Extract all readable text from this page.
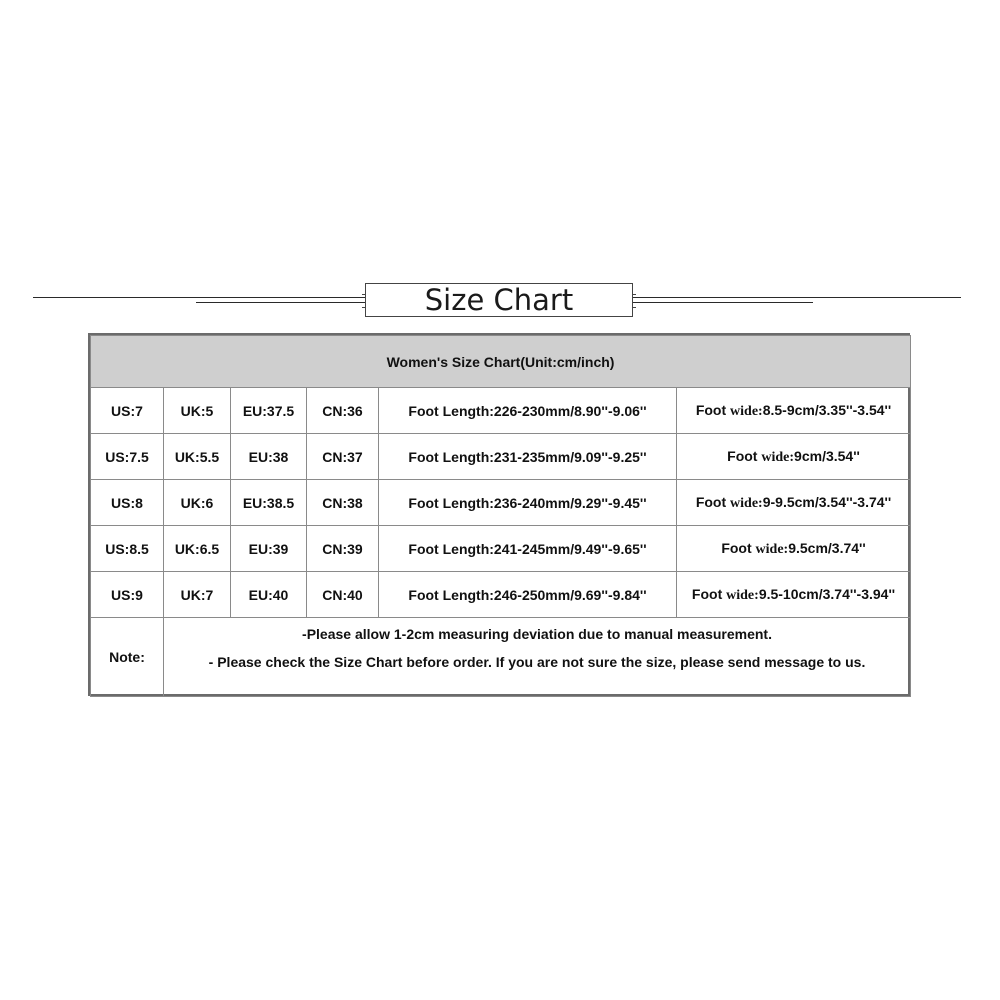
Size Chart
Women's Size Chart(Unit:cm/inch)					
US:7	UK:5	EU:37.5	CN:36	Foot Length:226-230mm/8.90''-9.06''	Foot wide:8.5-9cm/3.35''-3.54''
US:7.5	UK:5.5	EU:38	CN:37	Foot Length:231-235mm/9.09''-9.25''	Foot wide:9cm/3.54''
US:8	UK:6	EU:38.5	CN:38	Foot Length:236-240mm/9.29''-9.45''	Foot wide:9-9.5cm/3.54''-3.74''
US:8.5	UK:6.5	EU:39	CN:39	Foot Length:241-245mm/9.49''-9.65''	Foot wide:9.5cm/3.74''
US:9	UK:7	EU:40	CN:40	Foot Length:246-250mm/9.69''-9.84''	Foot wide:9.5-10cm/3.74''-3.94''
Note:	-Please allow 1-2cm measuring deviation due to manual measurement.
- Please check the Size Chart before order. If you are not sure the size, please send message to us.				
